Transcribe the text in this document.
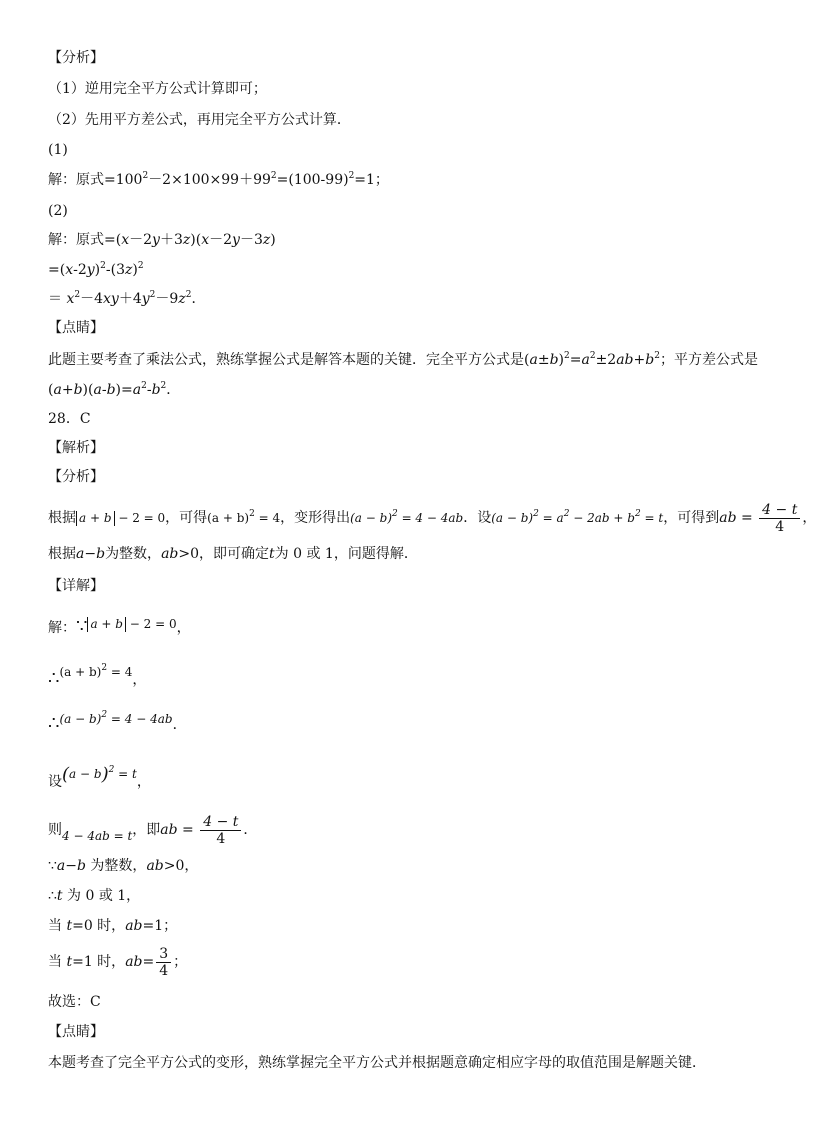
【分析】
（1）逆用完全平方公式计算即可；
（2）先用平方差公式，再用完全平方公式计算．
(1)
解：原式$=100^2-2\times 100\times 99+99^2=(100-99)^2=1$；
(2)
解：原式=(x－2y＋3z)(x－2y－3z)
$=(x-2y)^2-(3z)^2$
＝ $x^2-4xy+4y^2-9z^2$．
【点睛】
此题主要考查了乘法公式，熟练掌握公式是解答本题的关键．完全平方公式是$(a\pm b)^2=a^2\pm 2ab+b^2$；平方差公式是
$(a+b)(a-b)=a^2-b^2$．
28．C
【解析】
【分析】
根据 a + b − 2 = 0，可得$(a + b)^2 = 4$，变形得出$(a - b)^2 = 4 - 4ab$．设$(a - b)^2 = a^2 - 2ab + b^2 = t$，可得到ab = $\frac{4 - t}{4}$ ，
根据a−b为整数，ab>0，即可确定t为 0 或 1，问题得解．
【详解】
解：∵ a + b − 2 = 0，
∴(a + b)$^2$ = 4，
∴(a − b)$^2$ = 4 − 4ab．
设$(a - b)^2 = t$，
则4 − 4ab = t，即ab = $\frac{4 - t}{4}$ ．
∵a−b 为整数，ab>0，
∴t 为 0 或 1，
当 t=0 时，ab=1；
当 t=1 时，$ab= \frac{3}{4}$ ；
故选：C
【点睛】
本题考查了完全平方公式的变形，熟练掌握完全平方公式并根据题意确定相应字母的取值范围是解题关键．
